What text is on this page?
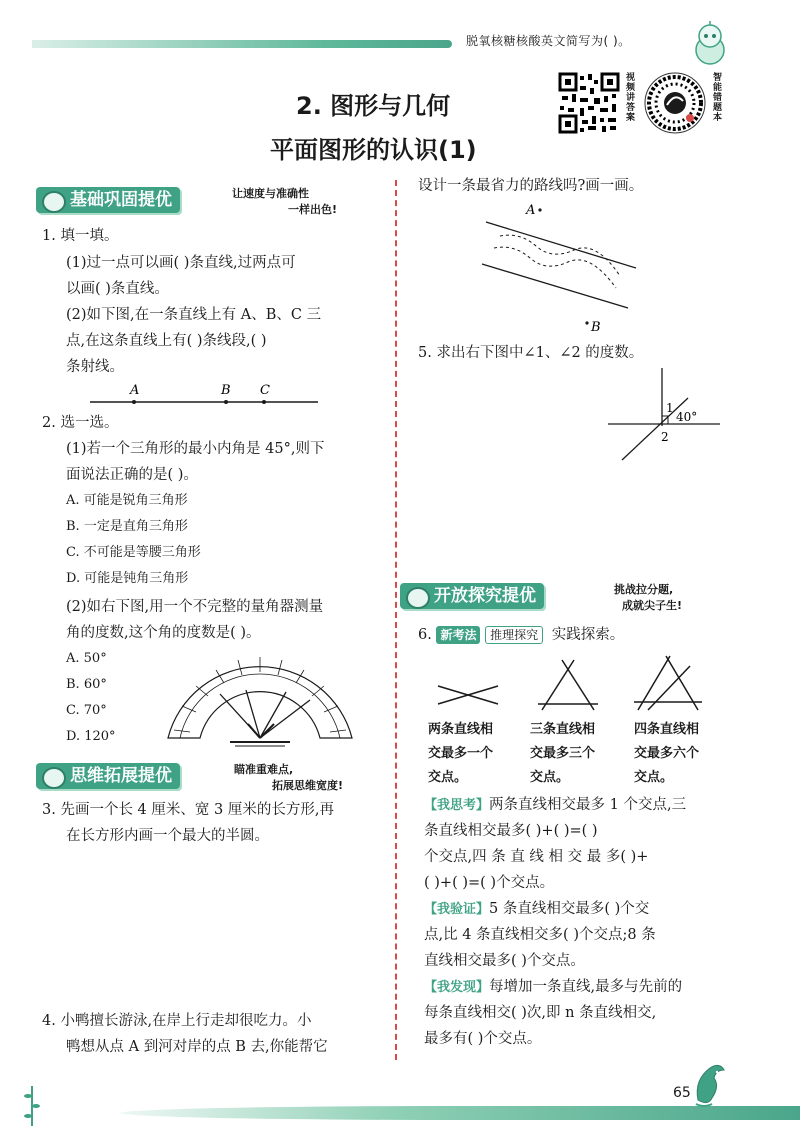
脱氧核糖核酸英文简写为( )。
2. 图形与几何
平面图形的认识(1)
视频讲答案	智能错题本
基础巩固提优	让速度与准确性
一样出色!
1. 填一填。
(1)过一点可以画( )条直线,过两点可
以画( )条直线。
(2)如下图,在一条直线上有 A、B、C 三
点,在这条直线上有( )条线段,( )
条射线。
A	B C
2. 选一选。
(1)若一个三角形的最小内角是 45°,则下
面说法正确的是( )。
A. 可能是锐角三角形
B. 一定是直角三角形
C. 不可能是等腰三角形
D. 可能是钝角三角形
(2)如右下图,用一个不完整的量角器测量
角的度数,这个角的度数是( )。
A. 50°
B. 60°
C. 70°
D. 120°
思维拓展提优	瞄准重难点,
拓展思维宽度!
3. 先画一个长 4 厘米、宽 3 厘米的长方形,再
在长方形内画一个最大的半圆。
4. 小鸭擅长游泳,在岸上行走却很吃力。小
鸭想从点 A 到河对岸的点 B 去,你能帮它
设计一条最省力的路线吗?画一画。
A
B
5. 求出右下图中∠1、∠2 的度数。
1
40°
2
开放探究提优	挑战拉分题,
成就尖子生!
6. 新考法 推理探究 实践探索。
两条直线相
交最多一个
交点。
三条直线相
交最多三个
交点。
四条直线相
交最多六个
交点。
【我思考】两条直线相交最多 1 个交点,三
条直线相交最多( )+( )=( )
个交点,四 条 直 线 相 交 最 多( )+
( )+( )=( )个交点。
【我验证】5 条直线相交最多( )个交
点,比 4 条直线相交多( )个交点;8 条
直线相交最多( )个交点。
【我发现】每增加一条直线,最多与先前的
每条直线相交( )次,即 n 条直线相交,
最多有( )个交点。
65
